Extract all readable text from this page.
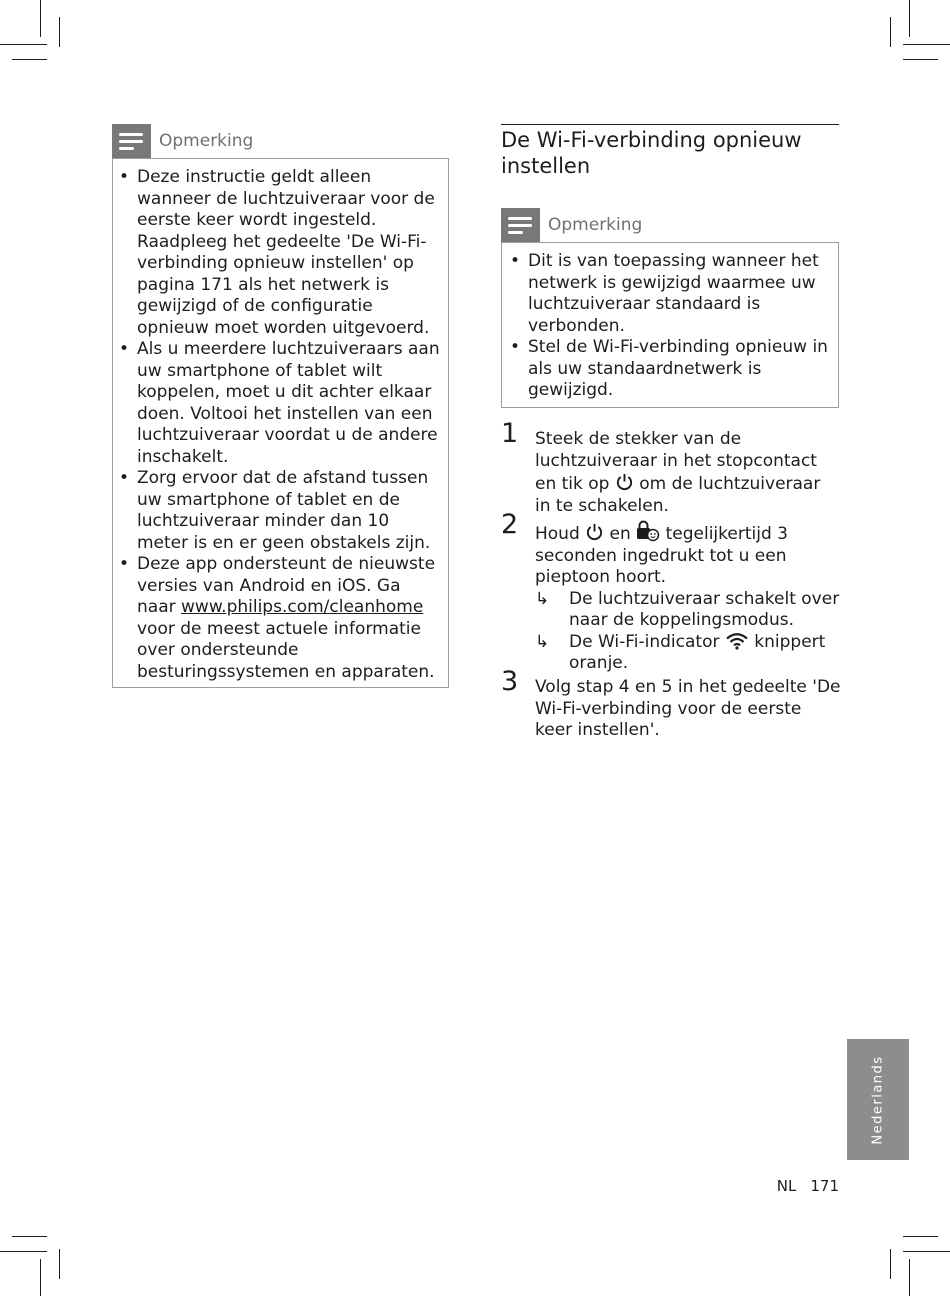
Opmerking
• Deze instructie geldt alleen wanneer de luchtzuiveraar voor de eerste keer wordt ingesteld. Raadpleeg het gedeelte 'De Wi-Fi-verbinding opnieuw instellen' op pagina 171 als het netwerk is gewijzigd of de configuratie opnieuw moet worden uitgevoerd.
• Als u meerdere luchtzuiveraars aan uw smartphone of tablet wilt koppelen, moet u dit achter elkaar doen. Voltooi het instellen van een luchtzuiveraar voordat u de andere inschakelt.
• Zorg ervoor dat de afstand tussen uw smartphone of tablet en de luchtzuiveraar minder dan 10 meter is en er geen obstakels zijn.
• Deze app ondersteunt de nieuwste versies van Android en iOS. Ga naar www.philips.com/cleanhome voor de meest actuele informatie over ondersteunde besturingssystemen en apparaten.
De Wi-Fi-verbinding opnieuw instellen
Opmerking
• Dit is van toepassing wanneer het netwerk is gewijzigd waarmee uw luchtzuiveraar standaard is verbonden.
• Stel de Wi-Fi-verbinding opnieuw in als uw standaardnetwerk is gewijzigd.
1 Steek de stekker van de luchtzuiveraar in het stopcontact en tik op  om de luchtzuiveraar in te schakelen.
2 Houd  en  tegelijkertijd 3 seconden ingedrukt tot u een pieptoon hoort.
↳ De luchtzuiveraar schakelt over naar de koppelingsmodus.
↳ De Wi-Fi-indicator  knippert oranje.
3 Volg stap 4 en 5 in het gedeelte 'De Wi-Fi-verbinding voor de eerste keer instellen'.
Nederlands
NL 171
